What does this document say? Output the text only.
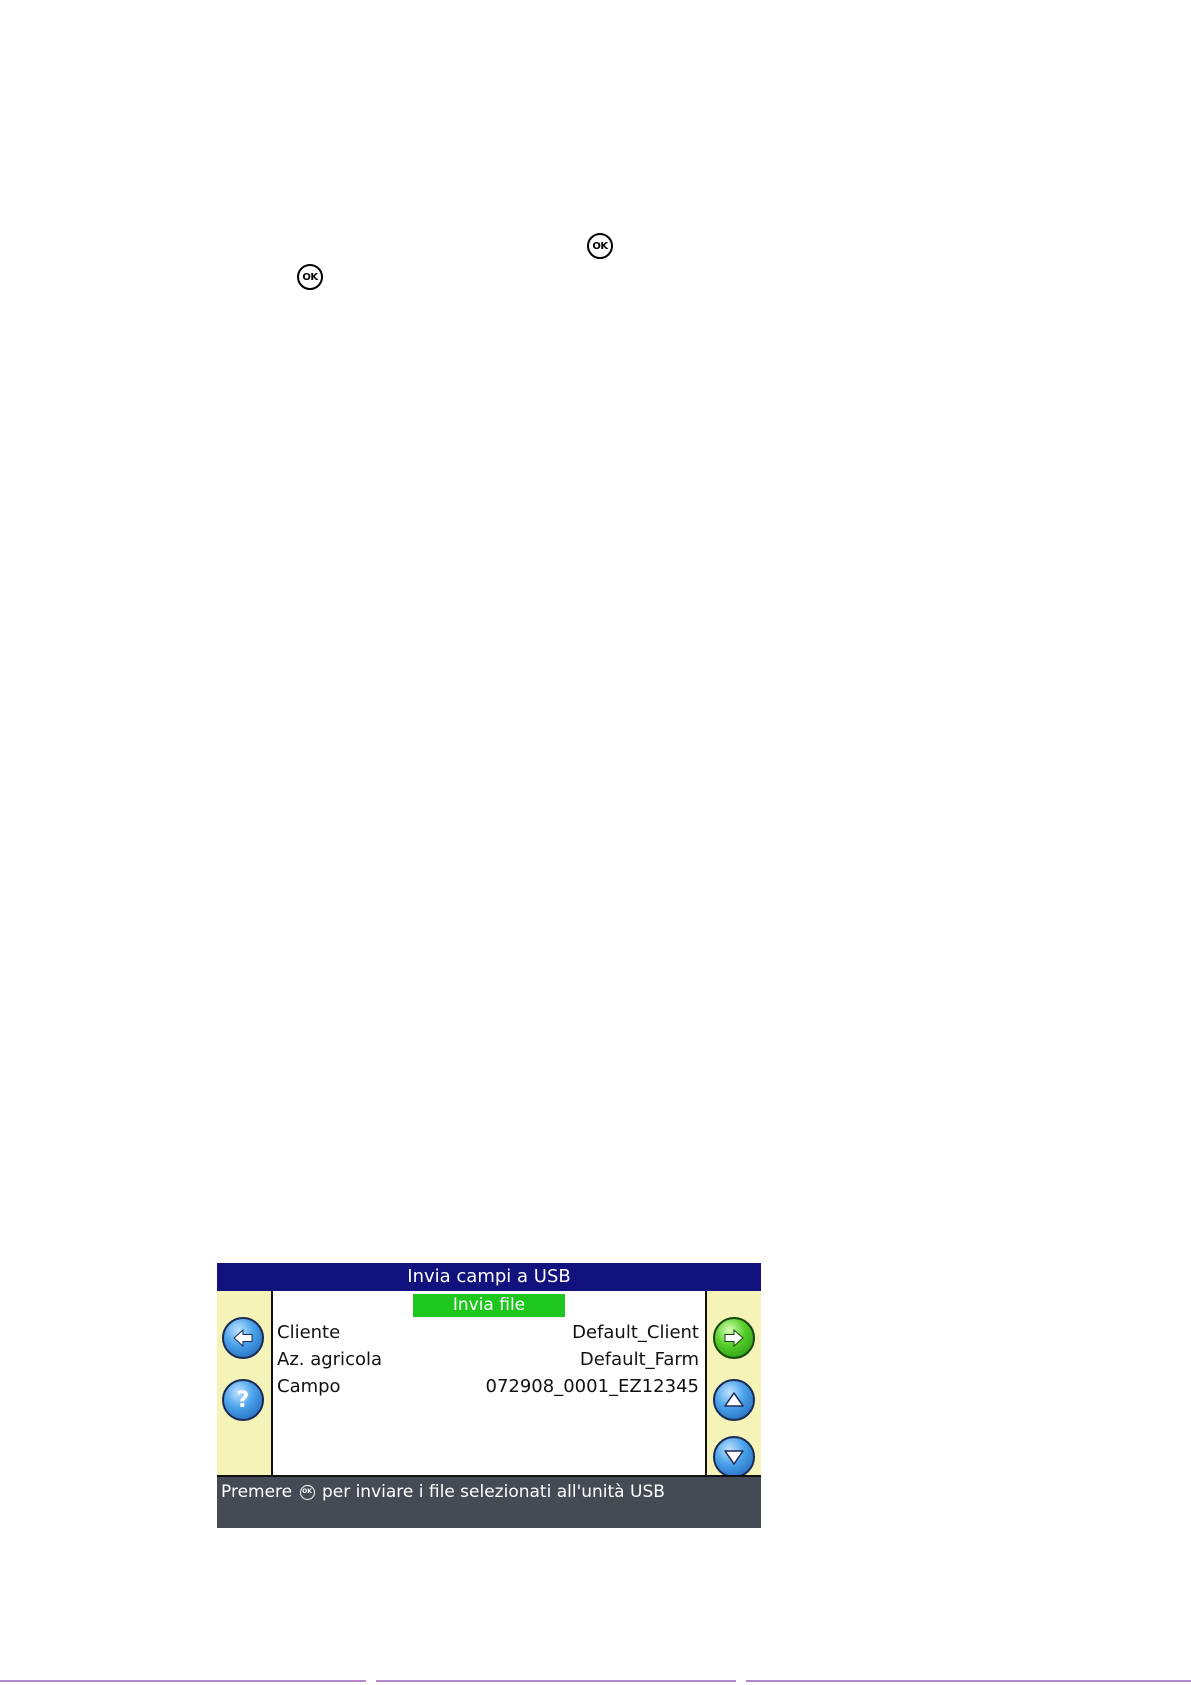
OK
OK
Invia campi a USB
?
Invia file
Cliente	Default_Client
Az. agricola	Default_Farm
Campo	072908_0001_EZ12345
Premere OK per inviare i file selezionati all'unità USB
